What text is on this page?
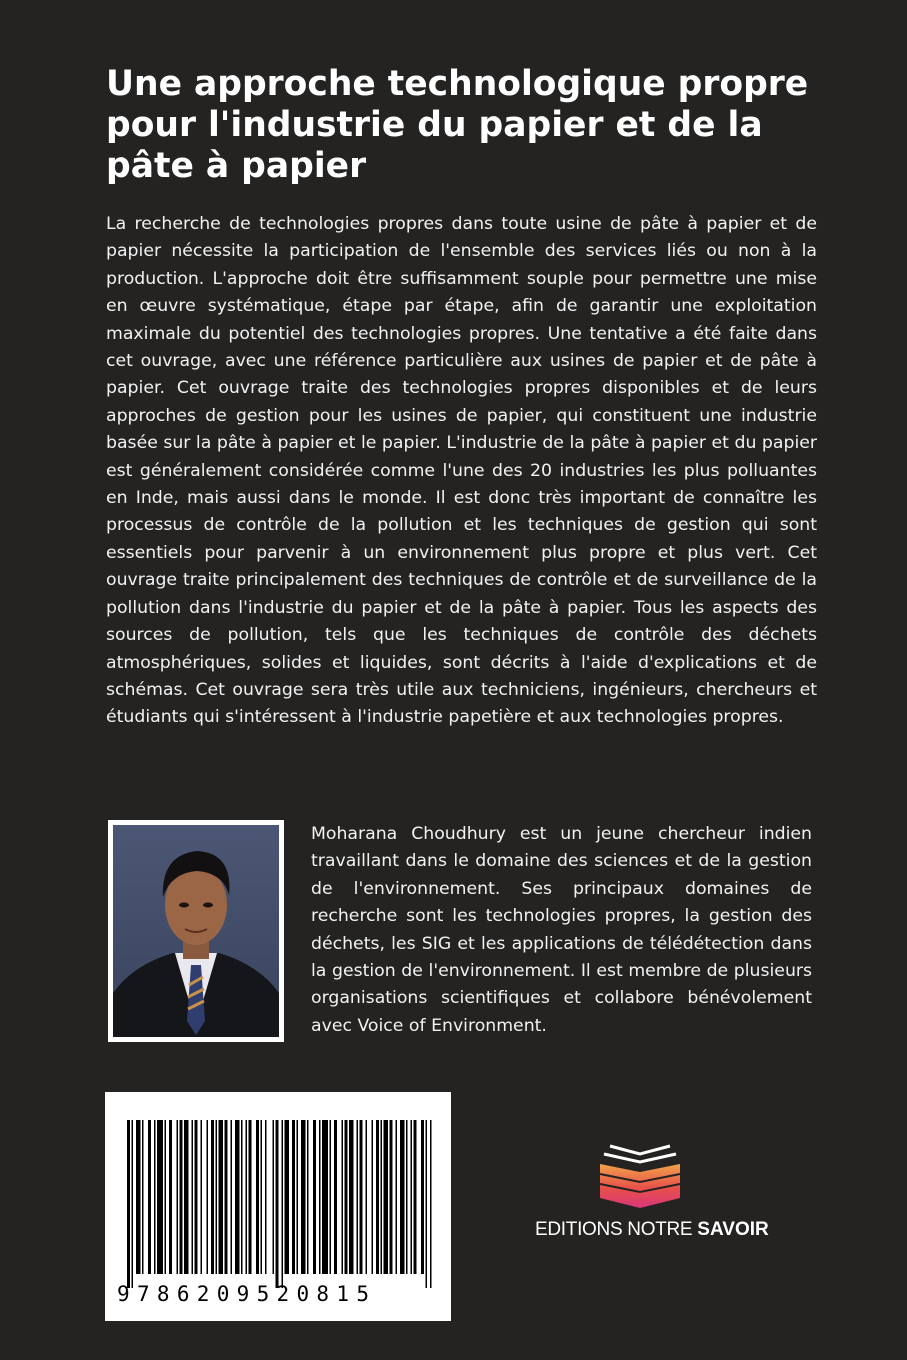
Une approche technologique propre pour l'industrie du papier et de la pâte à papier

La recherche de technologies propres dans toute usine de pâte à papier et de papier nécessite la participation de l'ensemble des services liés ou non à la production. L'approche doit être suffisamment souple pour permettre une mise en œuvre systématique, étape par étape, afin de garantir une exploitation maximale du potentiel des technologies propres. Une tentative a été faite dans cet ouvrage, avec une référence particulière aux usines de papier et de pâte à papier. Cet ouvrage traite des technologies propres disponibles et de leurs approches de gestion pour les usines de papier, qui constituent une industrie basée sur la pâte à papier et le papier. L'industrie de la pâte à papier et du papier est généralement considérée comme l'une des 20 industries les plus polluantes en Inde, mais aussi dans le monde. Il est donc très important de connaître les processus de contrôle de la pollution et les techniques de gestion qui sont essentiels pour parvenir à un environnement plus propre et plus vert. Cet ouvrage traite principalement des techniques de contrôle et de surveillance de la pollution dans l'industrie du papier et de la pâte à papier. Tous les aspects des sources de pollution, tels que les techniques de contrôle des déchets atmosphériques, solides et liquides, sont décrits à l'aide d'explications et de schémas. Cet ouvrage sera très utile aux techniciens, ingénieurs, chercheurs et étudiants qui s'intéressent à l'industrie papetière et aux technologies propres.

Moharana Choudhury est un jeune chercheur indien travaillant dans le domaine des sciences et de la gestion de l'environnement. Ses principaux domaines de recherche sont les technologies propres, la gestion des déchets, les SIG et les applications de télédétection dans la gestion de l'environnement. Il est membre de plusieurs organisations scientifiques et collabore bénévolement avec Voice of Environment.

9786209520815
EDITIONS NOTRE SAVOIR
